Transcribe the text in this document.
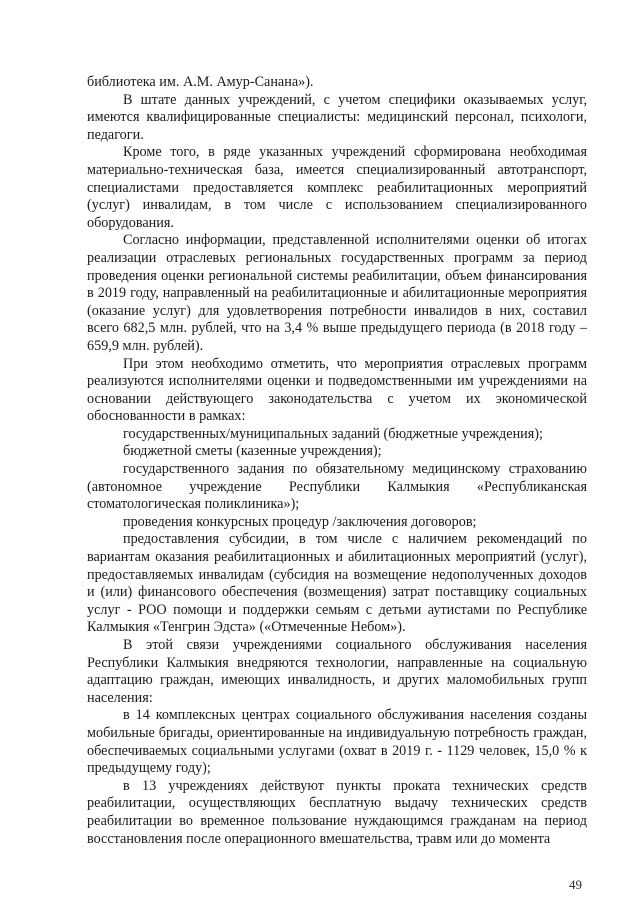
библиотека им. А.М. Амур-Санана»).

В штате данных учреждений, с учетом специфики оказываемых услуг, имеются квалифицированные специалисты: медицинский персонал, психологи, педагоги.

Кроме того, в ряде указанных учреждений сформирована необходимая материально-техническая база, имеется специализированный автотранспорт, специалистами предоставляется комплекс реабилитационных мероприятий (услуг) инвалидам, в том числе с использованием специализированного оборудования.

Согласно информации, представленной исполнителями оценки об итогах реализации отраслевых региональных государственных программ за период проведения оценки региональной системы реабилитации, объем финансирования в 2019 году, направленный на реабилитационные и абилитационные мероприятия (оказание услуг) для удовлетворения потребности инвалидов в них, составил всего 682,5 млн. рублей, что на 3,4 % выше предыдущего периода (в 2018 году – 659,9 млн. рублей).

При этом необходимо отметить, что мероприятия отраслевых программ реализуются исполнителями оценки и подведомственными им учреждениями на основании действующего законодательства с учетом их экономической обоснованности в рамках:

государственных/муниципальных заданий (бюджетные учреждения);

бюджетной сметы (казенные учреждения);

государственного задания по обязательному медицинскому страхованию (автономное учреждение Республики Калмыкия «Республиканская стоматологическая поликлиника»);

проведения конкурсных процедур /заключения договоров;

предоставления субсидии, в том числе с наличием рекомендаций по вариантам оказания реабилитационных и абилитационных мероприятий (услуг), предоставляемых инвалидам (субсидия на возмещение недополученных доходов и (или) финансового обеспечения (возмещения) затрат поставщику социальных услуг - РОО помощи и поддержки семьям с детьми аутистами по Республике Калмыкия «Тенгрин Эдста» («Отмеченные Небом»).

В этой связи учреждениями социального обслуживания населения Республики Калмыкия внедряются технологии, направленные на социальную адаптацию граждан, имеющих инвалидность, и других маломобильных групп населения:

в 14 комплексных центрах социального обслуживания населения созданы мобильные бригады, ориентированные на индивидуальную потребность граждан, обеспечиваемых социальными услугами (охват в 2019 г. - 1129 человек, 15,0 % к предыдущему году);

в 13 учреждениях действуют пункты проката технических средств реабилитации, осуществляющих бесплатную выдачу технических средств реабилитации во временное пользование нуждающимся гражданам на период восстановления после операционного вмешательства, травм или до момента

49
